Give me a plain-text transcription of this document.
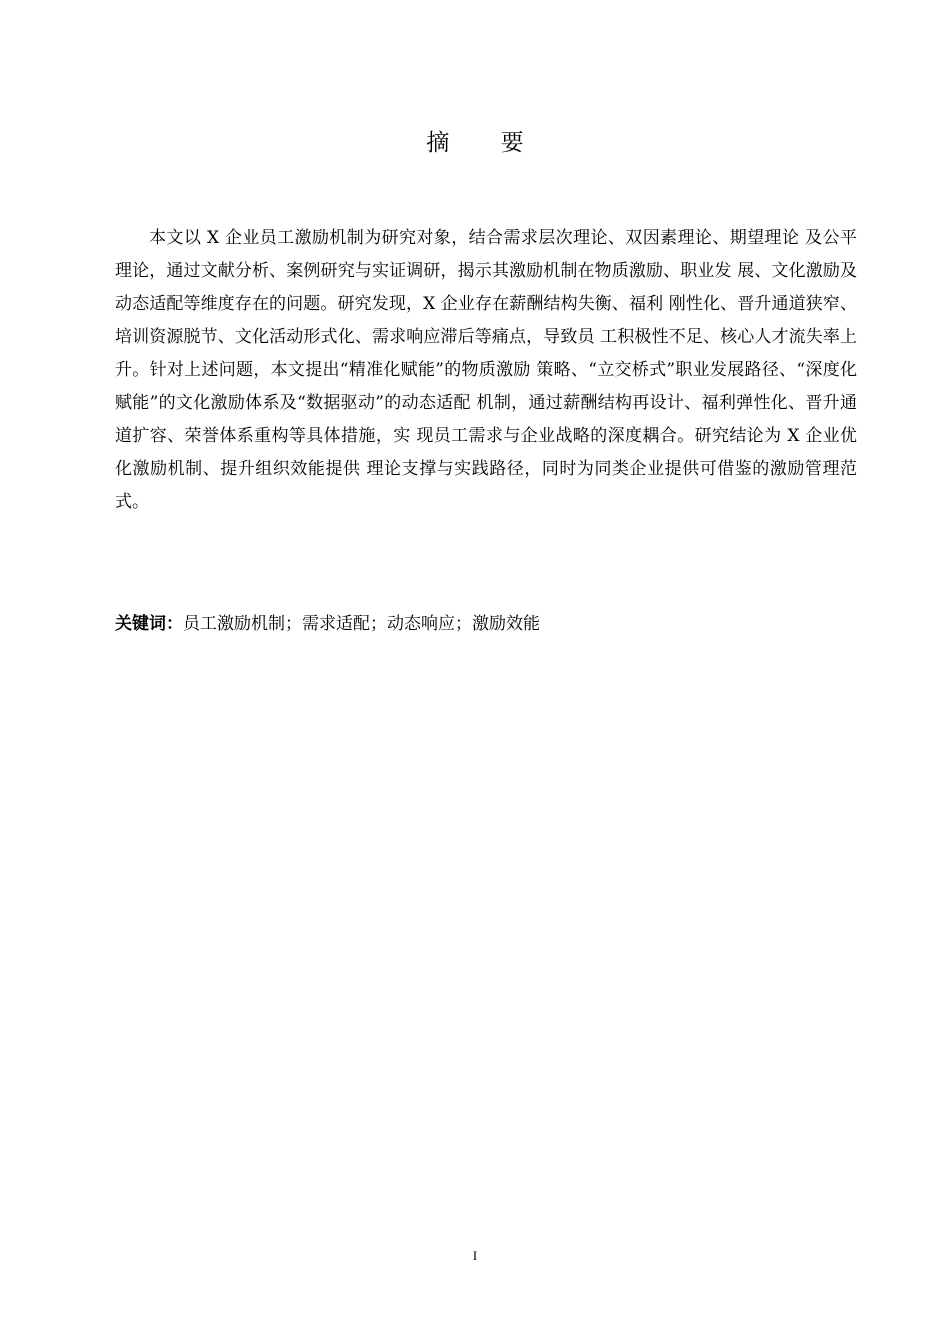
摘 要

本文以 X 企业员工激励机制为研究对象，结合需求层次理论、双因素理论、期望理论 及公平理论，通过文献分析、案例研究与实证调研，揭示其激励机制在物质激励、职业发 展、文化激励及动态适配等维度存在的问题。研究发现，X 企业存在薪酬结构失衡、福利 刚性化、晋升通道狭窄、培训资源脱节、文化活动形式化、需求响应滞后等痛点，导致员 工积极性不足、核心人才流失率上升。针对上述问题，本文提出“精准化赋能”的物质激励 策略、“立交桥式”职业发展路径、“深度化赋能”的文化激励体系及“数据驱动”的动态适配 机制，通过薪酬结构再设计、福利弹性化、晋升通道扩容、荣誉体系重构等具体措施，实 现员工需求与企业战略的深度耦合。研究结论为 X 企业优化激励机制、提升组织效能提供 理论支撑与实践路径，同时为同类企业提供可借鉴的激励管理范式。

关键词：员工激励机制；需求适配；动态响应；激励效能

I
